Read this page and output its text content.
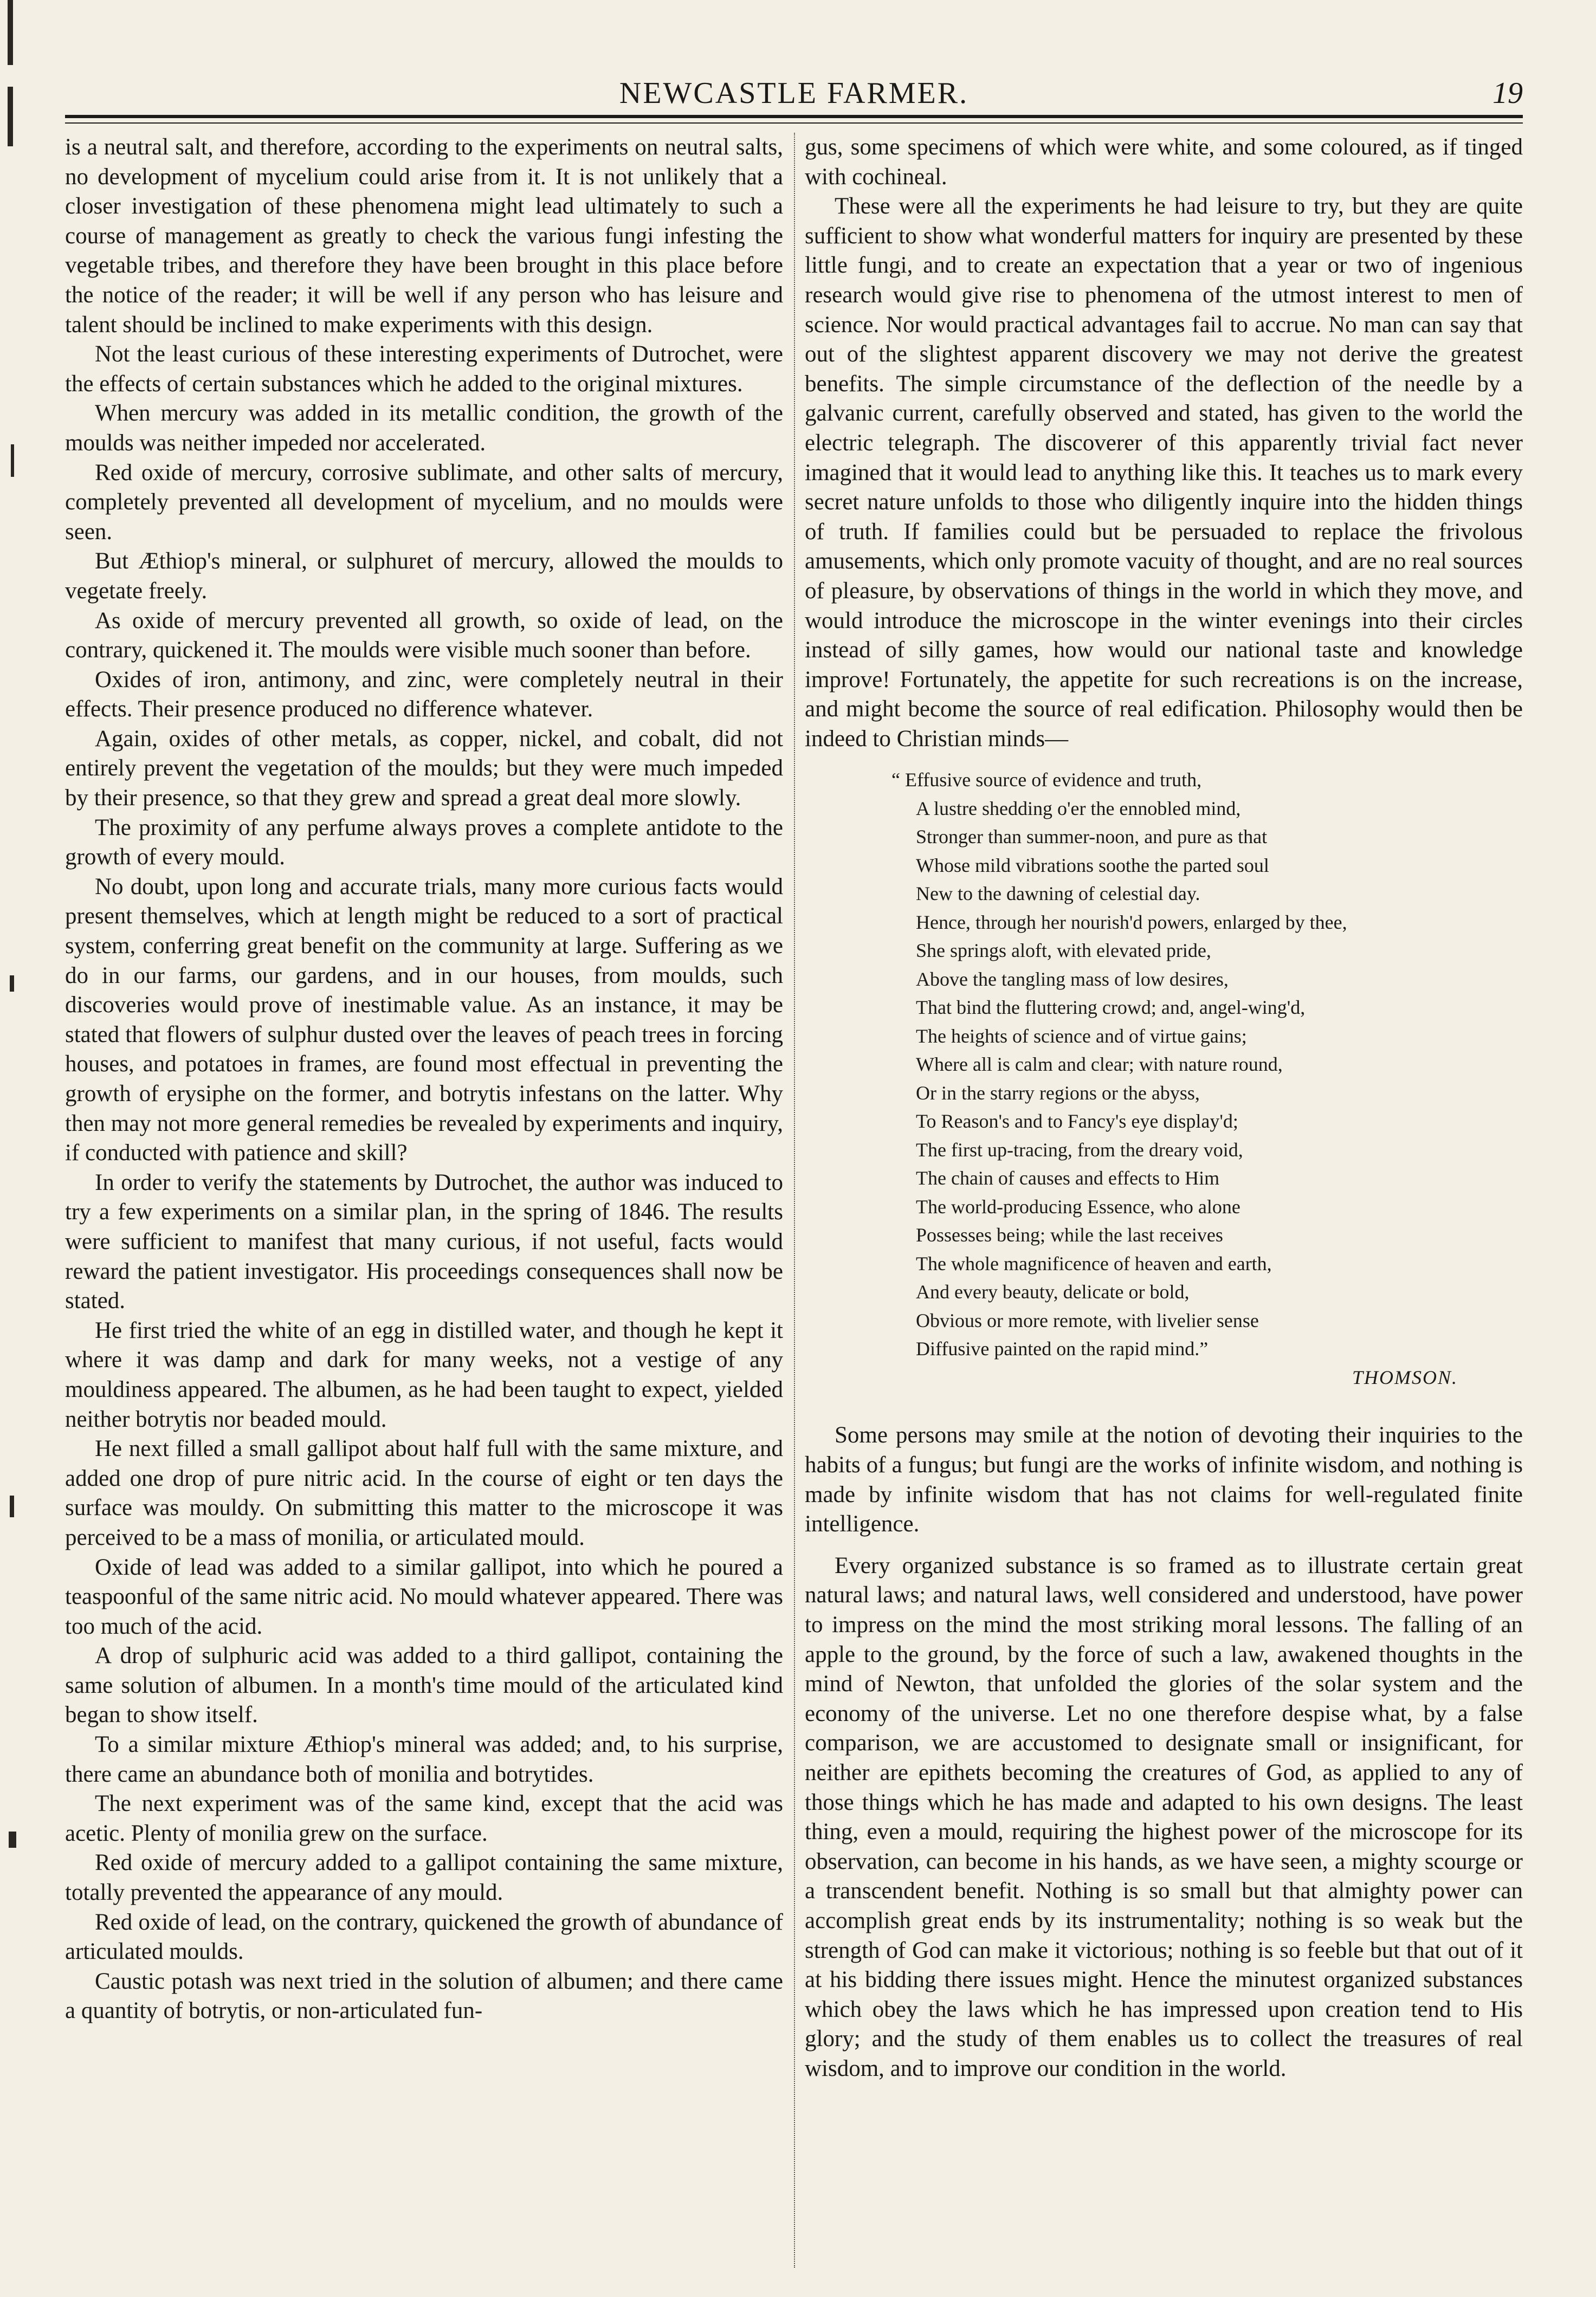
NEWCASTLE FARMER.	19

is a neutral salt, and therefore, according to the experiments on neutral salts, no development of mycelium could arise from it. It is not unlikely that a closer investigation of these phenomena might lead ultimately to such a course of management as greatly to check the various fungi infesting the vegetable tribes, and therefore they have been brought in this place before the notice of the reader; it will be well if any person who has leisure and talent should be inclined to make experiments with this design.

Not the least curious of these interesting experiments of Dutrochet, were the effects of certain substances which he added to the original mixtures.

When mercury was added in its metallic condition, the growth of the moulds was neither impeded nor accelerated.

Red oxide of mercury, corrosive sublimate, and other salts of mercury, completely prevented all development of mycelium, and no moulds were seen.

But Æthiop's mineral, or sulphuret of mercury, allowed the moulds to vegetate freely.

As oxide of mercury prevented all growth, so oxide of lead, on the contrary, quickened it. The moulds were visible much sooner than before.

Oxides of iron, antimony, and zinc, were completely neutral in their effects. Their presence produced no difference whatever.

Again, oxides of other metals, as copper, nickel, and cobalt, did not entirely prevent the vegetation of the moulds; but they were much impeded by their presence, so that they grew and spread a great deal more slowly.

The proximity of any perfume always proves a complete antidote to the growth of every mould.

No doubt, upon long and accurate trials, many more curious facts would present themselves, which at length might be reduced to a sort of practical system, conferring great benefit on the community at large. Suffering as we do in our farms, our gardens, and in our houses, from moulds, such discoveries would prove of inestimable value. As an instance, it may be stated that flowers of sulphur dusted over the leaves of peach trees in forcing houses, and potatoes in frames, are found most effectual in preventing the growth of erysiphe on the former, and botrytis infestans on the latter. Why then may not more general remedies be revealed by experiments and inquiry, if conducted with patience and skill?

In order to verify the statements by Dutrochet, the author was induced to try a few experiments on a similar plan, in the spring of 1846. The results were sufficient to manifest that many curious, if not useful, facts would reward the patient investigator. His proceedings consequences shall now be stated.

He first tried the white of an egg in distilled water, and though he kept it where it was damp and dark for many weeks, not a vestige of any mouldiness appeared. The albumen, as he had been taught to expect, yielded neither botrytis nor beaded mould.

He next filled a small gallipot about half full with the same mixture, and added one drop of pure nitric acid. In the course of eight or ten days the surface was mouldy. On submitting this matter to the microscope it was perceived to be a mass of monilia, or articulated mould.

Oxide of lead was added to a similar gallipot, into which he poured a teaspoonful of the same nitric acid. No mould whatever appeared. There was too much of the acid.

A drop of sulphuric acid was added to a third gallipot, containing the same solution of albumen. In a month's time mould of the articulated kind began to show itself.

To a similar mixture Æthiop's mineral was added; and, to his surprise, there came an abundance both of monilia and botrytides.

The next experiment was of the same kind, except that the acid was acetic. Plenty of monilia grew on the surface.

Red oxide of mercury added to a gallipot containing the same mixture, totally prevented the appearance of any mould.

Red oxide of lead, on the contrary, quickened the growth of abundance of articulated moulds.

Caustic potash was next tried in the solution of albumen; and there came a quantity of botrytis, or non-articulated fun-

gus, some specimens of which were white, and some coloured, as if tinged with cochineal.

These were all the experiments he had leisure to try, but they are quite sufficient to show what wonderful matters for inquiry are presented by these little fungi, and to create an expectation that a year or two of ingenious research would give rise to phenomena of the utmost interest to men of science. Nor would practical advantages fail to accrue. No man can say that out of the slightest apparent discovery we may not derive the greatest benefits. The simple circumstance of the deflection of the needle by a galvanic current, carefully observed and stated, has given to the world the electric telegraph. The discoverer of this apparently trivial fact never imagined that it would lead to anything like this. It teaches us to mark every secret nature unfolds to those who diligently inquire into the hidden things of truth. If families could but be persuaded to replace the frivolous amusements, which only promote vacuity of thought, and are no real sources of pleasure, by observations of things in the world in which they move, and would introduce the microscope in the winter evenings into their circles instead of silly games, how would our national taste and knowledge improve! Fortunately, the appetite for such recreations is on the increase, and might become the source of real edification. Philosophy would then be indeed to Christian minds—

“ Effusive source of evidence and truth,
A lustre shedding o'er the ennobled mind,
Stronger than summer-noon, and pure as that
Whose mild vibrations soothe the parted soul
New to the dawning of celestial day.
Hence, through her nourish'd powers, enlarged by thee,
She springs aloft, with elevated pride,
Above the tangling mass of low desires,
That bind the fluttering crowd; and, angel-wing'd,
The heights of science and of virtue gains;
Where all is calm and clear; with nature round,
Or in the starry regions or the abyss,
To Reason's and to Fancy's eye display'd;
The first up-tracing, from the dreary void,
The chain of causes and effects to Him
The world-producing Essence, who alone
Possesses being; while the last receives
The whole magnificence of heaven and earth,
And every beauty, delicate or bold,
Obvious or more remote, with livelier sense
Diffusive painted on the rapid mind.”
THOMSON.

Some persons may smile at the notion of devoting their inquiries to the habits of a fungus; but fungi are the works of infinite wisdom, and nothing is made by infinite wisdom that has not claims for well-regulated finite intelligence.

Every organized substance is so framed as to illustrate certain great natural laws; and natural laws, well considered and understood, have power to impress on the mind the most striking moral lessons. The falling of an apple to the ground, by the force of such a law, awakened thoughts in the mind of Newton, that unfolded the glories of the solar system and the economy of the universe. Let no one therefore despise what, by a false comparison, we are accustomed to designate small or insignificant, for neither are epithets becoming the creatures of God, as applied to any of those things which he has made and adapted to his own designs. The least thing, even a mould, requiring the highest power of the microscope for its observation, can become in his hands, as we have seen, a mighty scourge or a transcendent benefit. Nothing is so small but that almighty power can accomplish great ends by its instrumentality; nothing is so weak but the strength of God can make it victorious; nothing is so feeble but that out of it at his bidding there issues might. Hence the minutest organized substances which obey the laws which he has impressed upon creation tend to His glory; and the study of them enables us to collect the treasures of real wisdom, and to improve our condition in the world.
